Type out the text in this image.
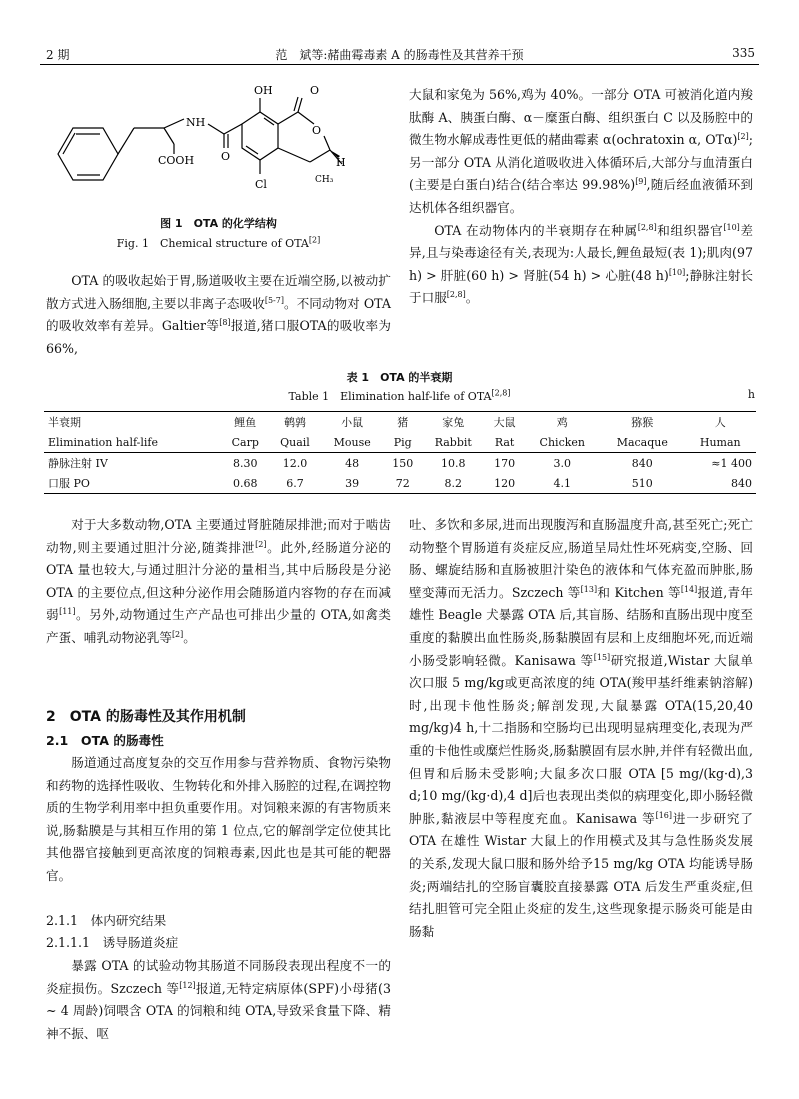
2 期	范　斌等:赭曲霉毒素 A 的肠毒性及其营养干预	335
OH	O
NH
COOH O
O
H
CH₃
Cl
图 1　 OTA 的化学结构
Fig. 1　Chemical structure of OTA[2]

OTA 的吸收起始于胃,肠道吸收主要在近端空肠,以被动扩散方式进入肠细胞,主要以非离子态吸收[5-7]。不同动物对 OTA 的吸收效率有差异。Galtier等[8]报道,猪口服OTA的吸收率为66%,

大鼠和家兔为 56%,鸡为 40%。一部分 OTA 可被消化道内羧肽酶 A、胰蛋白酶、α－糜蛋白酶、组织蛋白 C 以及肠腔中的微生物水解成毒性更低的赭曲霉素 α(ochratoxin α, OTα)[2];另一部分 OTA 从消化道吸收进入体循环后,大部分与血清蛋白(主要是白蛋白)结合(结合率达 99.98%)[9],随后经血液循环到达机体各组织器官。

OTA 在动物体内的半衰期存在种属[2,8]和组织器官[10]差异,且与染毒途径有关,表现为:人最长,鲤鱼最短(表 1);肌肉(97 h) > 肝脏(60 h) > 肾脏(54 h) > 心脏(48 h)[10];静脉注射长于口服[2,8]。

表 1　 OTA 的半衰期
Table 1　Elimination half-life of OTA[2,8]	h
半衰期	鲤鱼	鹌鹑	小鼠	猪	家兔	大鼠	鸡	猕猴	人
Elimination half-life	Carp	Quail	Mouse	Pig	Rabbit	Rat	Chicken	Macaque	Human
静脉注射 IV	8.30	12.0	48	150	10.8	170	3.0	840	≈1 400
口服 PO	0.68	6.7	39	72	8.2	120	4.1	510	840

对于大多数动物,OTA 主要通过肾脏随尿排泄;而对于啮齿动物,则主要通过胆汁分泌,随粪排泄[2]。此外,经肠道分泌的 OTA 量也较大,与通过胆汁分泌的量相当,其中后肠段是分泌 OTA 的主要位点,但这种分泌作用会随肠道内容物的存在而减弱[11]。另外,动物通过生产产品也可排出少量的 OTA,如禽类产蛋、哺乳动物泌乳等[2]。

2　OTA 的肠毒性及其作用机制
2.1　OTA 的肠毒性

肠道通过高度复杂的交互作用参与营养物质、食物污染物和药物的选择性吸收、生物转化和外排入肠腔的过程,在调控物质的生物学利用率中担负重要作用。对饲粮来源的有害物质来说,肠黏膜是与其相互作用的第 1 位点,它的解剖学定位使其比其他器官接触到更高浓度的饲粮毒素,因此也是其可能的靶器官。

2.1.1　体内研究结果
2.1.1.1　诱导肠道炎症

暴露 OTA 的试验动物其肠道不同肠段表现出程度不一的炎症损伤。Szczech 等[12]报道,无特定病原体(SPF)小母猪(3 ~ 4 周龄)饲喂含 OTA 的饲粮和纯 OTA,导致采食量下降、精神不振、呕

吐、多饮和多尿,进而出现腹泻和直肠温度升高,甚至死亡;死亡动物整个胃肠道有炎症反应,肠道呈局灶性坏死病变,空肠、回肠、螺旋结肠和直肠被胆汁染色的液体和气体充盈而肿胀,肠壁变薄而无活力。Szczech 等[13]和 Kitchen 等[14]报道,青年雄性 Beagle 犬暴露 OTA 后,其盲肠、结肠和直肠出现中度至重度的黏膜出血性肠炎,肠黏膜固有层和上皮细胞坏死,而近端小肠受影响轻微。Kanisawa 等[15]研究报道,Wistar 大鼠单次口服 5 mg/kg或更高浓度的纯 OTA(羧甲基纤维素钠溶解)时,出现卡他性肠炎;解剖发现,大鼠暴露 OTA(15,20,40 mg/kg)4 h,十二指肠和空肠均已出现明显病理变化,表现为严重的卡他性或糜烂性肠炎,肠黏膜固有层水肿,并伴有轻微出血,但胃和后肠未受影响;大鼠多次口服 OTA [5 mg/(kg·d),3 d;10 mg/(kg·d),4 d]后也表现出类似的病理变化,即小肠轻微肿胀,黏液层中等程度充血。Kanisawa 等[16]进一步研究了 OTA 在雄性 Wistar 大鼠上的作用模式及其与急性肠炎发展的关系,发现大鼠口服和肠外给予15 mg/kg OTA 均能诱导肠炎;两端结扎的空肠盲囊胶直接暴露 OTA 后发生严重炎症,但结扎胆管可完全阻止炎症的发生,这些现象提示肠炎可能是由肠黏
